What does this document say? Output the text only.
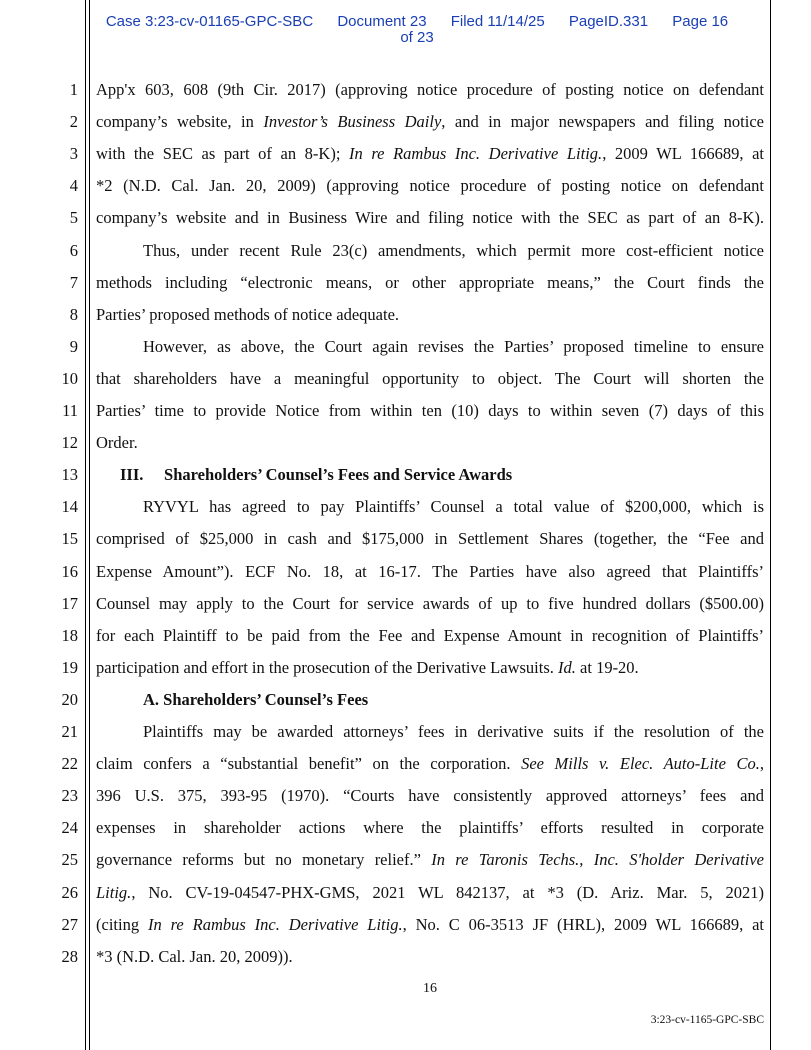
Case 3:23-cv-01165-GPC-SBC Document 23 Filed 11/14/25 PageID.331 Page 16
of 23
1 App'x 603, 608 (9th Cir. 2017) (approving notice procedure of posting notice on defendant
2 company’s website, in Investor’s Business Daily, and in major newspapers and filing notice
3 with the SEC as part of an 8-K); In re Rambus Inc. Derivative Litig., 2009 WL 166689, at
4 *2 (N.D. Cal. Jan. 20, 2009) (approving notice procedure of posting notice on defendant
5 company’s website and in Business Wire and filing notice with the SEC as part of an 8-K).
6	Thus, under recent Rule 23(c) amendments, which permit more cost-efficient notice
7 methods including “electronic means, or other appropriate means,” the Court finds the
8 Parties’ proposed methods of notice adequate.
9	However, as above, the Court again revises the Parties’ proposed timeline to ensure
10 that shareholders have a meaningful opportunity to object. The Court will shorten the
11 Parties’ time to provide Notice from within ten (10) days to within seven (7) days of this
12 Order.
13	III.     Shareholders’ Counsel’s Fees and Service Awards
14	RYVYL has agreed to pay Plaintiffs’ Counsel a total value of $200,000, which is
15 comprised of $25,000 in cash and $175,000 in Settlement Shares (together, the “Fee and
16 Expense Amount”). ECF No. 18, at 16-17. The Parties have also agreed that Plaintiffs’
17 Counsel may apply to the Court for service awards of up to five hundred dollars ($500.00)
18 for each Plaintiff to be paid from the Fee and Expense Amount in recognition of Plaintiffs’
19 participation and effort in the prosecution of the Derivative Lawsuits. Id. at 19-20.
20	A. Shareholders’ Counsel’s Fees
21	Plaintiffs may be awarded attorneys’ fees in derivative suits if the resolution of the
22 claim confers a “substantial benefit” on the corporation. See Mills v. Elec. Auto-Lite Co.,
23 396 U.S. 375, 393-95 (1970). “Courts have consistently approved attorneys’ fees and
24 expenses in shareholder actions where the plaintiffs’ efforts resulted in corporate
25 governance reforms but no monetary relief.” In re Taronis Techs., Inc. S'holder Derivative
26 Litig., No. CV-19-04547-PHX-GMS, 2021 WL 842137, at *3 (D. Ariz. Mar. 5, 2021)
27 (citing In re Rambus Inc. Derivative Litig., No. C 06-3513 JF (HRL), 2009 WL 166689, at
28 *3 (N.D. Cal. Jan. 20, 2009)).
16
3:23-cv-1165-GPC-SBC
